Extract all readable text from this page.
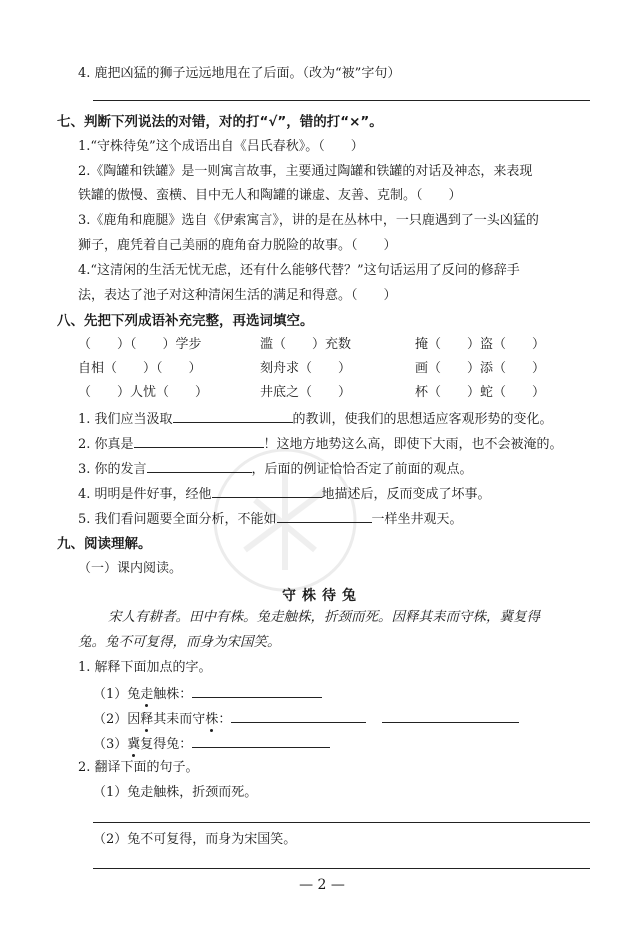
4. 鹿把凶猛的狮子远远地甩在了后面。（改为“被”字句）
七、判断下列说法的对错，对的打“√”，错的打“×”。
1.“守株待兔”这个成语出自《吕氏春秋》。（　　）
2.《陶罐和铁罐》是一则寓言故事，主要通过陶罐和铁罐的对话及神态，来表现
铁罐的傲慢、蛮横、目中无人和陶罐的谦虚、友善、克制。（　　）
3.《鹿角和鹿腿》选自《伊索寓言》，讲的是在丛林中，一只鹿遇到了一头凶猛的
狮子，鹿凭着自己美丽的鹿角奋力脱险的故事。（　　）
4.“这清闲的生活无忧无虑，还有什么能够代替？”这句话运用了反问的修辞手
法，表达了池子对这种清闲生活的满足和得意。（　　）
八、先把下列成语补充完整，再选词填空。
（　　）（　　）学步	滥（　　）充数	掩（　　）盗（　　）
自相（　　）（　　）	刻舟求（　　）	画（　　）添（　　）
（　　）人忧（　　）	井底之（　　）	杯（　　）蛇（　　）
1. 我们应当汲取	的教训，使我们的思想适应客观形势的变化。
2. 你真是	！这地方地势这么高，即使下大雨，也不会被淹的。
3. 你的发言	，后面的例证恰恰否定了前面的观点。
4. 明明是件好事，经他	地描述后，反而变成了坏事。
5. 我们看问题要全面分析，不能如	一样坐井观天。
九、阅读理解。
（一）课内阅读。
守株待兔
宋人有耕者。田中有株。兔走触株，折颈而死。因释其耒而守株，冀复得
兔。兔不可复得，而身为宋国笑。
1. 解释下面加点的字。
（1）兔走触株：
（2）因释其耒而守株：
（3）冀复得兔：
2. 翻译下面的句子。
（1）兔走触株，折颈而死。
（2）兔不可复得，而身为宋国笑。
— 2 —
